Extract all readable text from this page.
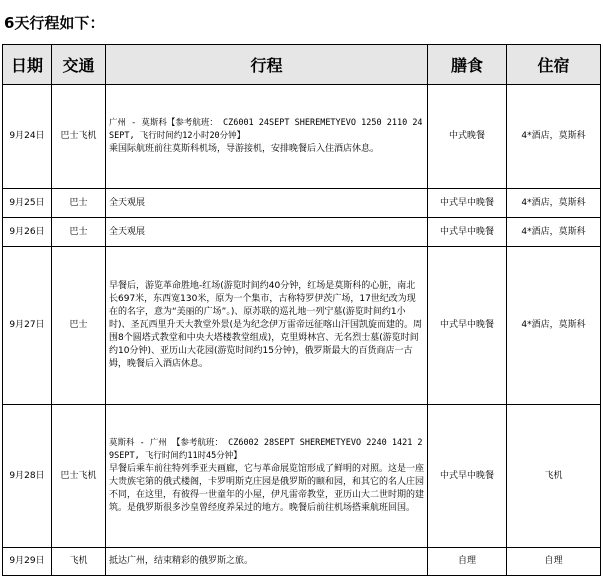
6天行程如下：
日期	交通	行程	膳食	住宿
9月24日	巴士飞机	广州 - 莫斯科【参考航班： CZ6001 24SEPT SHEREMETYEVO 1250 2110 24SEPT, 飞行时间约12小时20分钟】
乘国际航班前往莫斯科机场，导游接机，安排晚餐后入住酒店休息。	中式晚餐	4*酒店，莫斯科
9月25日	巴士	全天观展	中式早中晚餐	4*酒店，莫斯科
9月26日	巴士	全天观展	中式早中晚餐	4*酒店，莫斯科
9月27日	巴士	早餐后，游览革命胜地-红场(游览时间约40分钟，红场是莫斯科的心脏，南北长697米，东西宽130米，原为一个集市，古称特罗伊茨广场，17世纪改为现在的名字，意为“美丽的广场”。)、原苏联的巡礼地一列宁墓(游览时间约1小时)、圣瓦西里升天大教堂外景(是为纪念伊万雷帝远征喀山汗国凯旋而建的。周围8个圆塔式教堂和中央大塔楼教堂组成)，克里姆林宫、无名烈士墓(游览时间约10分钟)、亚历山大花园(游览时间约15分钟)，俄罗斯最大的百货商店一古姆，晚餐后入酒店休息。	中式早中晚餐	4*酒店，莫斯科
9月28日	巴士飞机	莫斯科 - 广州 【参考航班： CZ6002 28SEPT SHEREMETYEVO 2240 1421 29SEPT, 飞行时间约11时45分钟】
早餐后乘车前往特列季亚夫画廊，它与革命展览馆形成了鲜明的对照。这是一座大贵族宅第的俄式楼阁，卡罗明斯克庄园是俄罗斯的颐和园，和其它的名人庄园不同，在这里，有彼得一世童年的小屋，伊凡雷帝教堂，亚历山大二世时期的建筑。是俄罗斯很多沙皇曾经度养呆过的地方。晚餐后前往机场搭乘航班回国。	中式早中晚餐	飞机
9月29日	飞机	抵达广州，结束精彩的俄罗斯之旅。	自理	自理
